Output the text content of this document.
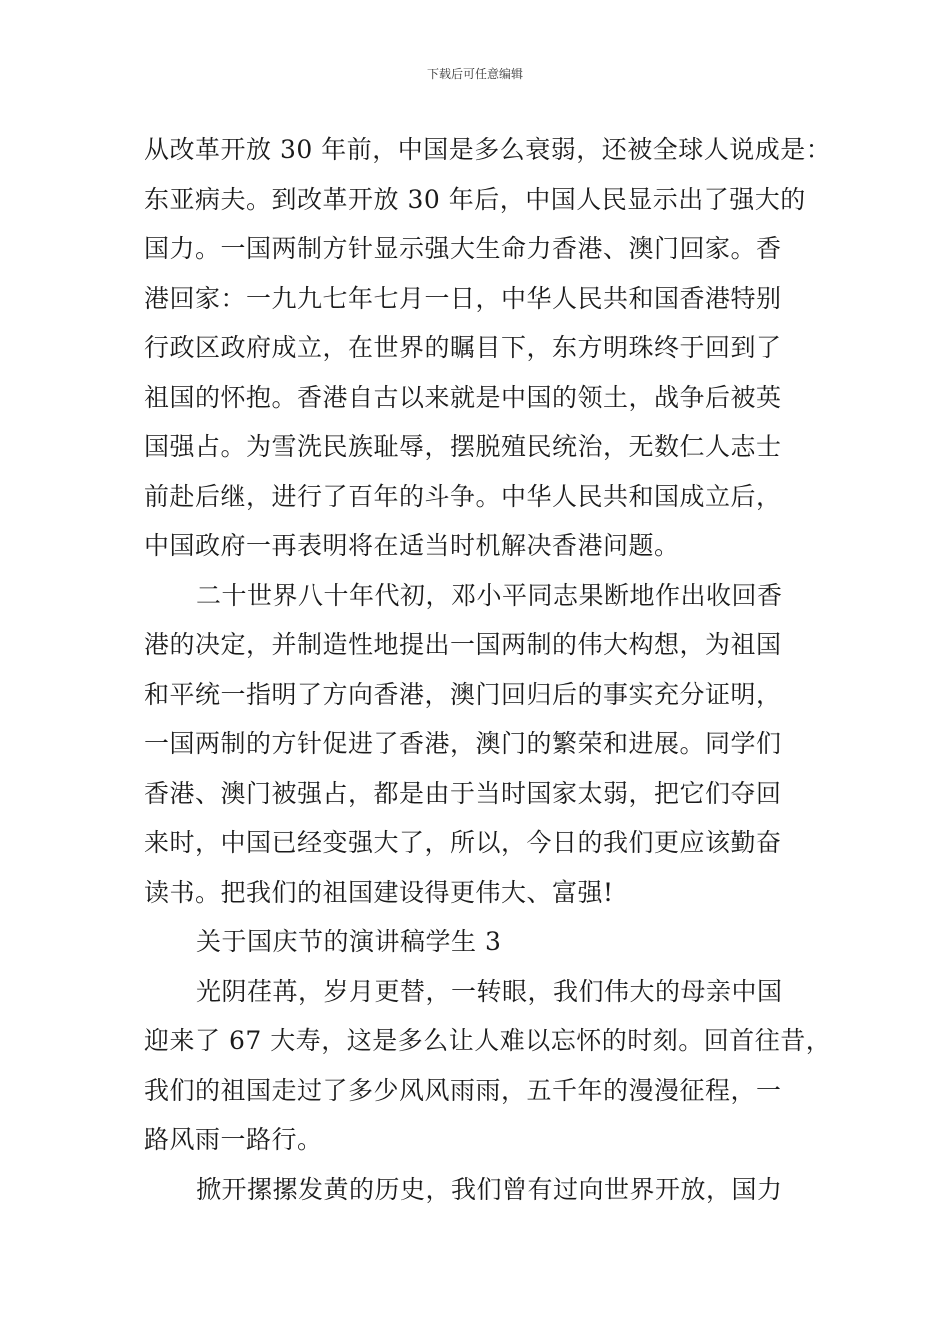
下载后可任意编辑
从改革开放 30 年前，中国是多么衰弱，还被全球人说成是：
东亚病夫。到改革开放 30 年后，中国人民显示出了强大的
国力。一国两制方针显示强大生命力香港、澳门回家。香
港回家：一九九七年七月一日，中华人民共和国香港特别
行政区政府成立，在世界的瞩目下，东方明珠终于回到了
祖国的怀抱。香港自古以来就是中国的领土，战争后被英
国强占。为雪洗民族耻辱，摆脱殖民统治，无数仁人志士
前赴后继，进行了百年的斗争。中华人民共和国成立后，
中国政府一再表明将在适当时机解决香港问题。
二十世界八十年代初，邓小平同志果断地作出收回香
港的决定，并制造性地提出一国两制的伟大构想，为祖国
和平统一指明了方向香港，澳门回归后的事实充分证明，
一国两制的方针促进了香港，澳门的繁荣和进展。同学们
香港、澳门被强占，都是由于当时国家太弱，把它们夺回
来时，中国已经变强大了，所以，今日的我们更应该勤奋
读书。把我们的祖国建设得更伟大、富强!
关于国庆节的演讲稿学生 3
光阴荏苒，岁月更替，一转眼，我们伟大的母亲中国
迎来了 67 大寿，这是多么让人难以忘怀的时刻。回首往昔，
我们的祖国走过了多少风风雨雨，五千年的漫漫征程，一
路风雨一路行。
掀开摞摞发黄的历史，我们曾有过向世界开放，国力
